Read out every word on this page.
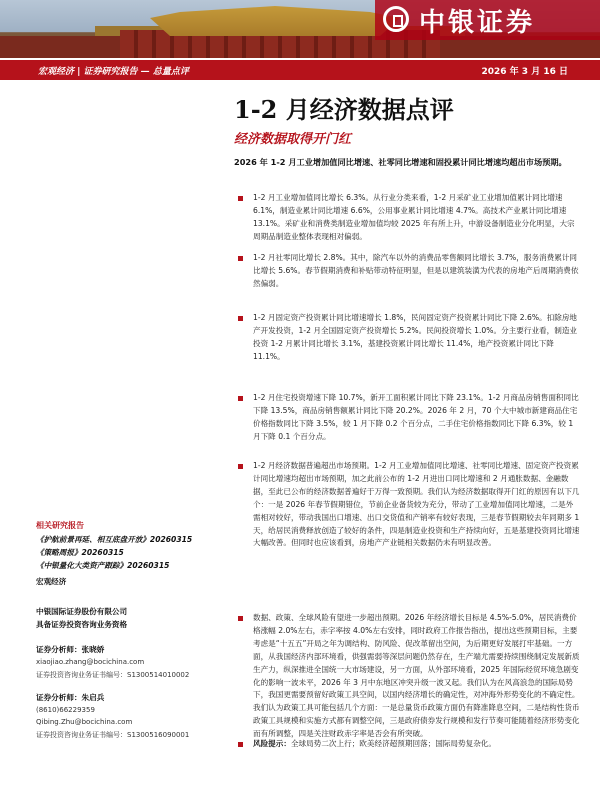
中银证券
宏观经济 | 证券研究报告 — 总量点评	2026 年 3 月 16 日
1-2 月经济数据点评
经济数据取得开门红
2026 年 1-2 月工业增加值同比增速、社零同比增速和固投累计同比增速均超出市场预期。
1-2 月工业增加值同比增长 6.3%。从行业分类来看，1-2 月采矿业工业增加值累计同比增速 6.1%，制造业累计同比增速 6.6%，公用事业累计同比增速 4.7%。高技术产业累计同比增速 13.1%。采矿业和消费类制造业增加值均较 2025 年有所上升，中游设备制造业分化明显，大宗周期品制造业整体表现相对偏弱。
1-2 月社零同比增长 2.8%。其中，除汽车以外的消费品零售额同比增长 3.7%，服务消费累计同比增长 5.6%。春节假期消费和补贴带动特征明显，但是以建筑装潢为代表的房地产后周期消费依然偏弱。
1-2 月固定资产投资累计同比增速增长 1.8%，民间固定资产投资累计同比下降 2.6%。扣除房地产开发投资，1-2 月全国固定资产投资增长 5.2%。民间投资增长 1.0%。分主要行业看，制造业投资 1-2 月累计同比增长 3.1%，基建投资累计同比增长 11.4%，地产投资累计同比下降 11.1%。
1-2 月住宅投资增速下降 10.7%，新开工面积累计同比下降 23.1%。1-2 月商品房销售面积同比下降 13.5%，商品房销售额累计同比下降 20.2%。2026 年 2 月，70 个大中城市新建商品住宅价格指数同比下降 3.5%，较 1 月下降 0.2 个百分点，二手住宅价格指数同比下降 6.3%，较 1 月下降 0.1 个百分点。
1-2 月经济数据普遍超出市场预期。1-2 月工业增加值同比增速、社零同比增速、固定资产投资累计同比增速均超出市场预期，加之此前公布的 1-2 月进出口同比增速和 2 月通胀数据、金融数据，至此已公布的经济数据普遍好于万得一致预期。我们认为经济数据取得开门红的原因有以下几个：一是 2026 年春节假期错位，节前企业备货较为充分，带动了工业增加值同比增速，二是外需相对较好，带动我国出口增速、出口交货值和产销率有较好表现，三是春节假期较去年同期多 1 天，给居民消费释放创造了较好的条件，四是制造业投资和生产持续向好，五是基建投资同比增速大幅改善。但同时也应该看到，房地产产业链相关数据仍未有明显改善。
数据、政策、全球风险有望进一步超出预期。2026 年经济增长目标是 4.5%-5.0%，居民消费价格涨幅 2.0%左右，赤字率按 4.0%左右安排，同时政府工作报告指出，提出这些预期目标，主要考虑是“十五五”开局之年为调结构、防风险、促改革留出空间，为后期更好发展打牢基础。一方面，从我国经济内部环境看，供强需弱等深层问题仍然存在，生产端尤需要持续围绕制定发展新质生产力，纵深推进全国统一大市场建设，另一方面，从外部环境看，2025 年国际经贸环境急剧变化的影响一波未平，2026 年 3 月中东地区冲突升级一波又起。我们认为在风高浪急的国际局势下，我国更需要预留好政策工具空间，以国内经济增长的确定性，对冲海外形势变化的不确定性。我们认为政策工具可能包括几个方面：一是总量货币政策方面仍有降准降息空间，二是结构性货币政策工具规模和实施方式都有调整空间，三是政府债券发行规模和发行节奏可能随着经济形势变化而有所调整，四是关注财政赤字率是否会有所突破。
风险提示：全球局势二次上行；欧美经济超预期回落；国际局势复杂化。
相关研究报告
《护航前景再延、相互底盘开放》20260315
《策略周报》20260315
《中银量化大类资产跟踪》20260315
宏观经济
中银国际证券股份有限公司
具备证券投资咨询业务资格
证券分析师：张晓娇
xiaojiao.zhang@bocichina.com
证券投资咨询业务证书编号：S1300514010002
证券分析师：朱启兵
(8610)66229359
Qibing.Zhu@bocichina.com
证券投资咨询业务证书编号：S1300516090001
